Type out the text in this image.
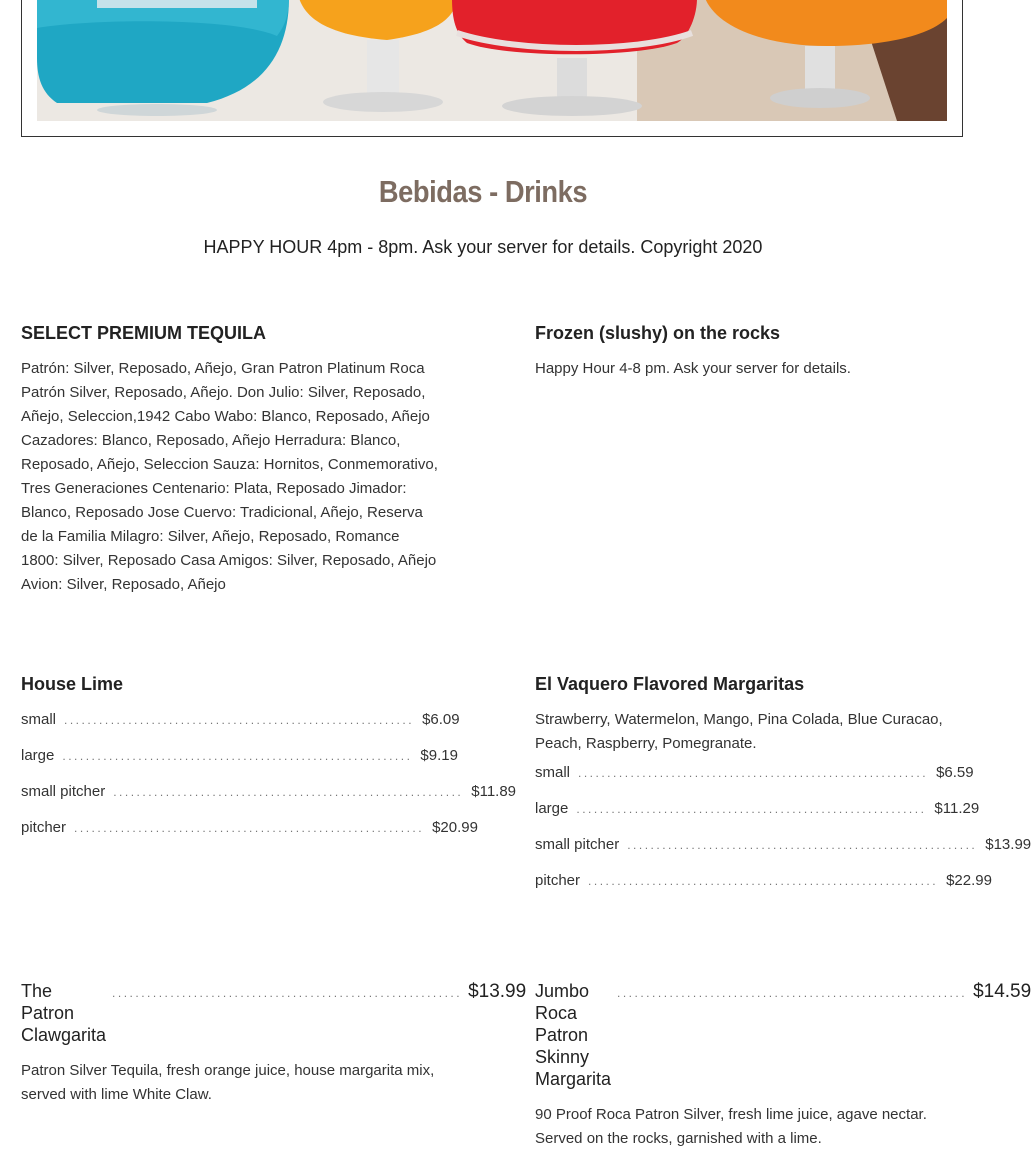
Bebidas - Drinks

HAPPY HOUR 4pm - 8pm. Ask your server for details. Copyright 2020

SELECT PREMIUM TEQUILA

Patrón: Silver, Reposado, Añejo, Gran Patron Platinum Roca Patrón Silver, Reposado, Añejo. Don Julio: Silver, Reposado, Añejo, Seleccion,1942 Cabo Wabo: Blanco, Reposado, Añejo Cazadores: Blanco, Reposado, Añejo Herradura: Blanco, Reposado, Añejo, Seleccion Sauza: Hornitos, Conmemorativo, Tres Generaciones Centenario: Plata, Reposado Jimador: Blanco, Reposado Jose Cuervo: Tradicional, Añejo, Reserva de la Familia Milagro: Silver, Añejo, Reposado, Romance 1800: Silver, Reposado Casa Amigos: Silver, Reposado, Añejo Avion: Silver, Reposado, Añejo

Frozen (slushy) on the rocks

Happy Hour 4-8 pm. Ask your server for details.

House Lime
small ............................................................ $6.09
large ............................................................ $9.19
small pitcher ............................................................ $11.89
pitcher ............................................................ $20.99
El Vaquero Flavored Margaritas

Strawberry, Watermelon, Mango, Pina Colada, Blue Curacao, Peach, Raspberry, Pomegranate.

small ............................................................ $6.59
large ............................................................ $11.29
small pitcher ............................................................ $13.99
pitcher ............................................................ $22.99
The Patron Clawgarita
............................................................ $13.99

Patron Silver Tequila, fresh orange juice, house margarita mix, served with lime White Claw.

Jumbo Roca Patron Skinny Margarita
............................................................ $14.59

90 Proof Roca Patron Silver, fresh lime juice, agave nectar. Served on the rocks, garnished with a lime.
